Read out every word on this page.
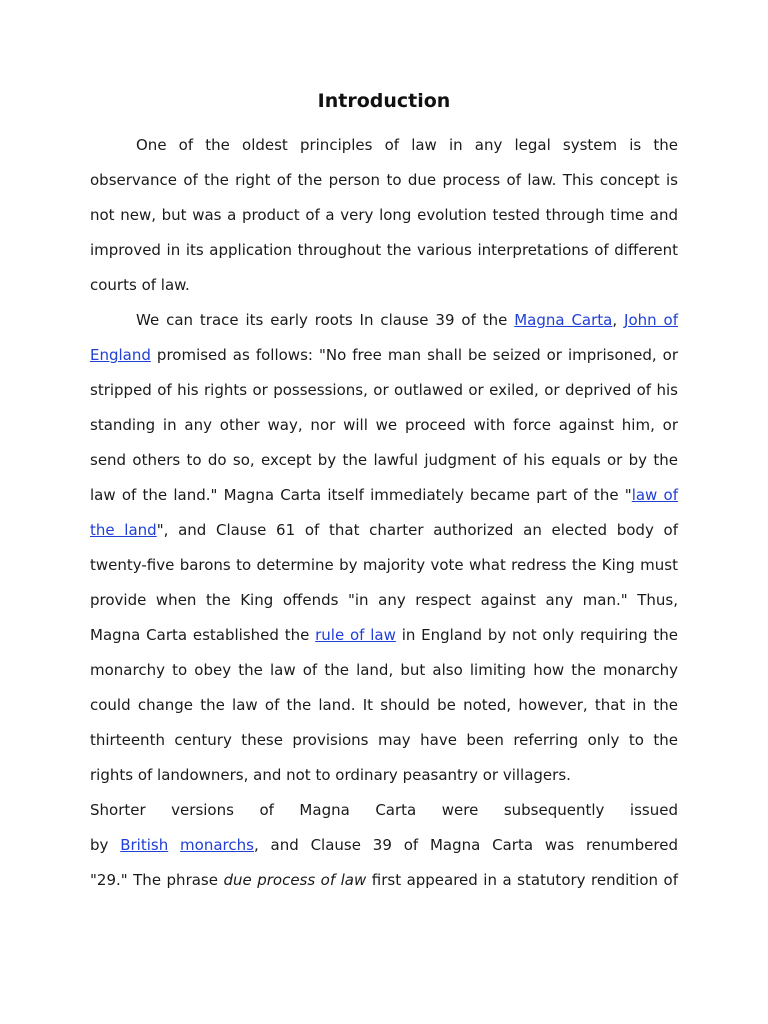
Introduction
One of the oldest principles of law in any legal system is the
observance of the right of the person to due process of law. This concept is
not new, but was a product of a very long evolution tested through time and
improved in its application throughout the various interpretations of different
courts of law.
We can trace its early roots In clause 39 of the Magna Carta, John of
England promised as follows: "No free man shall be seized or imprisoned, or
stripped of his rights or possessions, or outlawed or exiled, or deprived of his
standing in any other way, nor will we proceed with force against him, or
send others to do so, except by the lawful judgment of his equals or by the
law of the land." Magna Carta itself immediately became part of the "law of
the land", and Clause 61 of that charter authorized an elected body of
twenty-five barons to determine by majority vote what redress the King must
provide when the King offends "in any respect against any man." Thus,
Magna Carta established the rule of law in England by not only requiring the
monarchy to obey the law of the land, but also limiting how the monarchy
could change the law of the land. It should be noted, however, that in the
thirteenth century these provisions may have been referring only to the
rights of landowners, and not to ordinary peasantry or villagers.
Shorter versions of Magna Carta were subsequently issued
by British monarchs, and Clause 39 of Magna Carta was renumbered
"29." The phrase due process of law first appeared in a statutory rendition of
